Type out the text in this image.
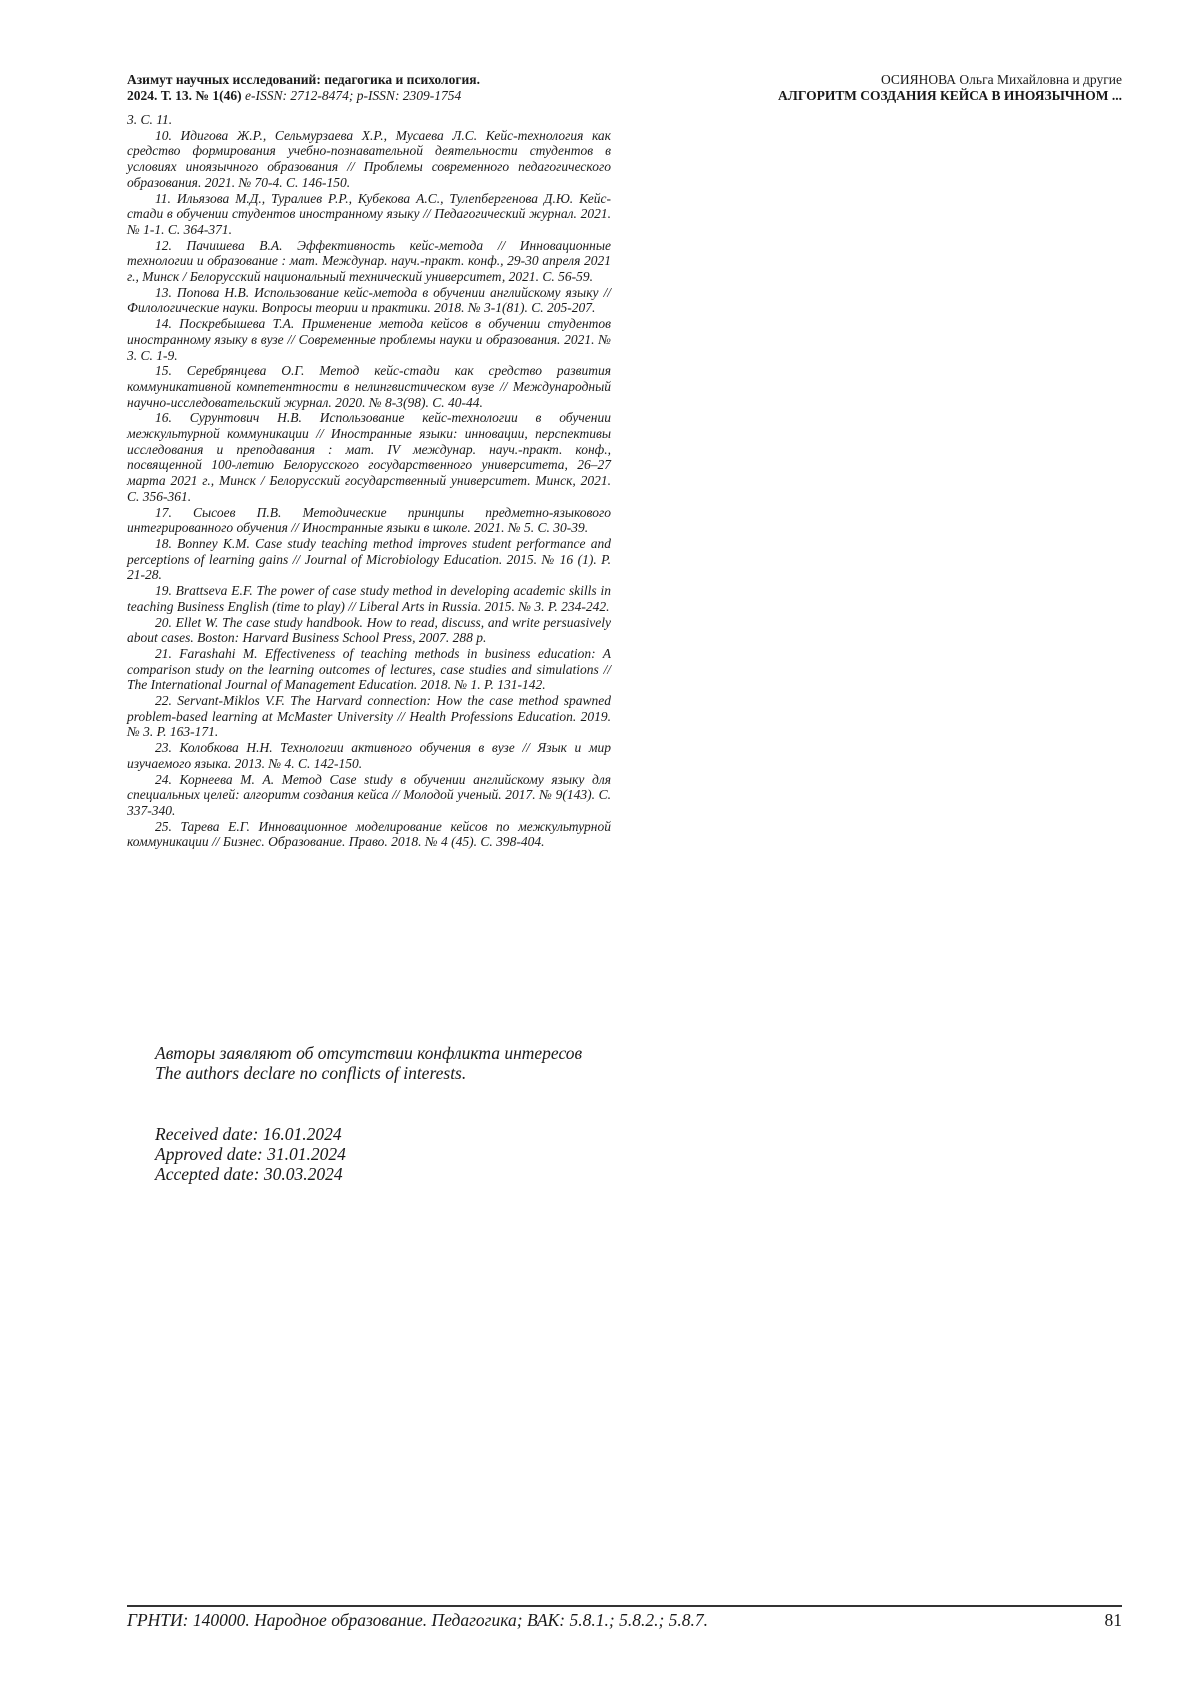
Азимут научных исследований: педагогика и психология.
2024. Т. 13. № 1(46) e-ISSN: 2712-8474; p-ISSN: 2309-1754
ОСИЯНОВА Ольга Михайловна и другие
АЛГОРИТМ СОЗДАНИЯ КЕЙСА В ИНОЯЗЫЧНОМ ...

3. С. 11.

10. Идигова Ж.Р., Сельмурзаева Х.Р., Мусаева Л.С. Кейс-технология как средство формирования учебно-познавательной деятельности студентов в условиях иноязычного образования // Проблемы современного педагогического образования. 2021. № 70-4. С. 146-150.

11. Ильязова М.Д., Туралиев Р.Р., Кубекова А.С., Тулепбергенова Д.Ю. Кейс-стади в обучении студентов иностранному языку // Педагогический журнал. 2021. № 1-1. С. 364-371.

12. Пачишева В.А. Эффективность кейс-метода // Инновационные технологии и образование : мат. Междунар. науч.-практ. конф., 29-30 апреля 2021 г., Минск / Белорусский национальный технический университет, 2021. С. 56-59.

13. Попова Н.В. Использование кейс-метода в обучении английскому языку // Филологические науки. Вопросы теории и практики. 2018. № 3-1(81). С. 205-207.

14. Поскребышева Т.А. Применение метода кейсов в обучении студентов иностранному языку в вузе // Современные проблемы науки и образования. 2021. № 3. С. 1-9.

15. Серебрянцева О.Г. Метод кейс-стади как средство развития коммуникативной компетентности в нелингвистическом вузе // Международный научно-исследовательский журнал. 2020. № 8-3(98). С. 40-44.

16. Сурунтович Н.В. Использование кейс-технологии в обучении межкультурной коммуникации // Иностранные языки: инновации, перспективы исследования и преподавания : мат. IV междунар. науч.-практ. конф., посвященной 100-летию Белорусского государственного университета, 26–27 марта 2021 г., Минск / Белорусский государственный университет. Минск, 2021. С. 356-361.

17. Сысоев П.В. Методические принципы предметно-языкового интегрированного обучения // Иностранные языки в школе. 2021. № 5. С. 30-39.

18. Bonney K.M. Case study teaching method improves student performance and perceptions of learning gains // Journal of Microbiology Education. 2015. № 16 (1). P. 21-28.

19. Brattseva E.F. The power of case study method in developing academic skills in teaching Business English (time to play) // Liberal Arts in Russia. 2015. № 3. P. 234-242.

20. Ellet W. The case study handbook. How to read, discuss, and write persuasively about cases. Boston: Harvard Business School Press, 2007. 288 p.

21. Farashahi M. Effectiveness of teaching methods in business education: A comparison study on the learning outcomes of lectures, case studies and simulations // The International Journal of Management Education. 2018. № 1. P. 131-142.

22. Servant-Miklos V.F. The Harvard connection: How the case method spawned problem-based learning at McMaster University // Health Professions Education. 2019. № 3. P. 163-171.

23. Колобкова Н.Н. Технологии активного обучения в вузе // Язык и мир изучаемого языка. 2013. № 4. С. 142-150.

24. Корнеева М. А. Метод Case study в обучении английскому языку для специальных целей: алгоритм создания кейса // Молодой ученый. 2017. № 9(143). С. 337-340.

25. Тарева Е.Г. Инновационное моделирование кейсов по межкультурной коммуникации // Бизнес. Образование. Право. 2018. № 4 (45). С. 398-404.

Авторы заявляют об отсутствии конфликта интересов

The authors declare no conflicts of interests.

Received date: 16.01.2024
Approved date: 31.01.2024
Accepted date: 30.03.2024
ГРНТИ: 140000. Народное образование. Педагогика; ВАК: 5.8.1.; 5.8.2.; 5.8.7.	81
